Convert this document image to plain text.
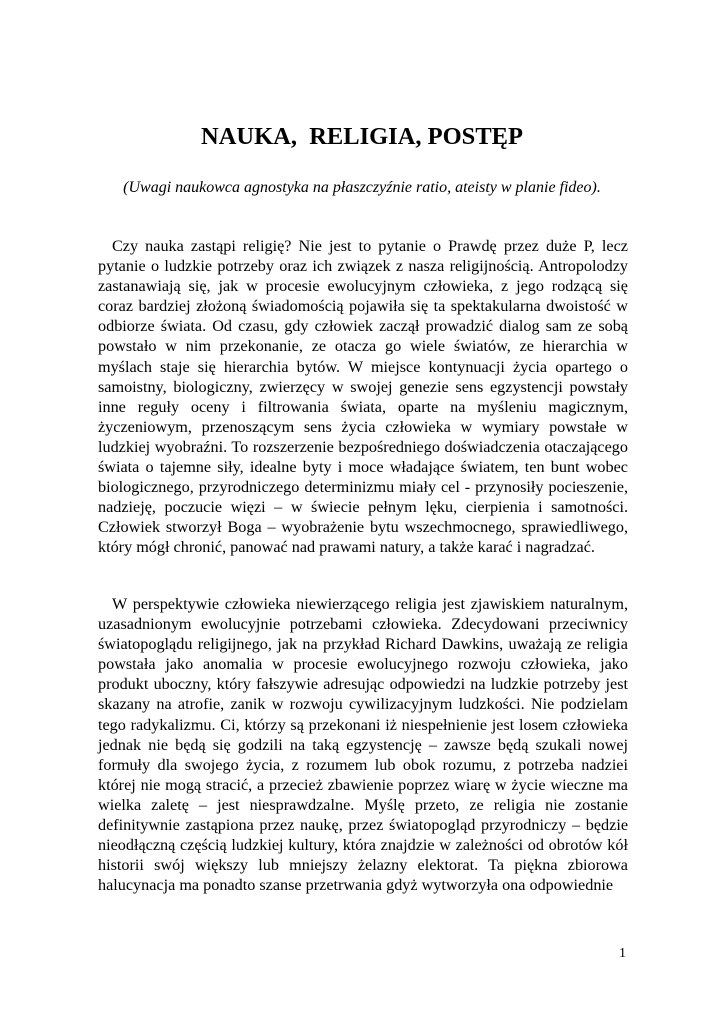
NAUKA,  RELIGIA, POSTĘP

(Uwagi naukowca agnostyka na płaszczyźnie ratio, ateisty w planie fideo).

Czy nauka zastąpi religię? Nie jest to pytanie o Prawdę przez duże P, lecz pytanie o ludzkie potrzeby oraz ich związek z nasza religijnością. Antropolodzy zastanawiają się, jak w procesie ewolucyjnym człowieka, z jego rodzącą się coraz bardziej złożoną świadomością pojawiła się ta spektakularna dwoistość w odbiorze świata. Od czasu, gdy człowiek zaczął prowadzić dialog sam ze sobą powstało w nim przekonanie, ze otacza go wiele światów, ze hierarchia w myślach staje się hierarchia bytów. W miejsce kontynuacji życia opartego o samoistny, biologiczny, zwierzęcy w swojej genezie sens egzystencji powstały inne reguły oceny i filtrowania świata, oparte na myśleniu magicznym, życzeniowym, przenoszącym sens życia człowieka w wymiary powstałe w ludzkiej wyobraźni. To rozszerzenie bezpośredniego doświadczenia otaczającego świata o tajemne siły, idealne byty i moce władające światem, ten bunt wobec biologicznego, przyrodniczego determinizmu miały cel - przynosiły pocieszenie, nadzieję, poczucie więzi – w świecie pełnym lęku, cierpienia i samotności. Człowiek stworzył Boga – wyobrażenie bytu wszechmocnego, sprawiedliwego, który mógł chronić, panować nad prawami natury, a także karać i nagradzać.

W perspektywie człowieka niewierzącego religia jest zjawiskiem naturalnym, uzasadnionym ewolucyjnie potrzebami człowieka. Zdecydowani przeciwnicy światopoglądu religijnego, jak na przykład Richard Dawkins, uważają ze religia powstała jako anomalia w procesie ewolucyjnego rozwoju człowieka, jako produkt uboczny, który fałszywie adresując odpowiedzi na ludzkie potrzeby jest skazany na atrofie, zanik w rozwoju cywilizacyjnym ludzkości. Nie podzielam tego radykalizmu. Ci, którzy są przekonani iż niespełnienie jest losem człowieka jednak nie będą się godzili na taką egzystencję – zawsze będą szukali nowej formuły dla swojego życia, z rozumem lub obok rozumu, z potrzeba nadziei której nie mogą stracić, a przecież zbawienie poprzez wiarę w życie wieczne ma wielka zaletę – jest niesprawdzalne. Myślę przeto, ze religia nie zostanie definitywnie zastąpiona przez naukę, przez światopogląd przyrodniczy – będzie nieodłączną częścią ludzkiej kultury, która znajdzie w zależności od obrotów kół historii swój większy lub mniejszy żelazny elektorat. Ta piękna zbiorowa halucynacja ma ponadto szanse przetrwania gdyż wytworzyła ona odpowiednie

1
